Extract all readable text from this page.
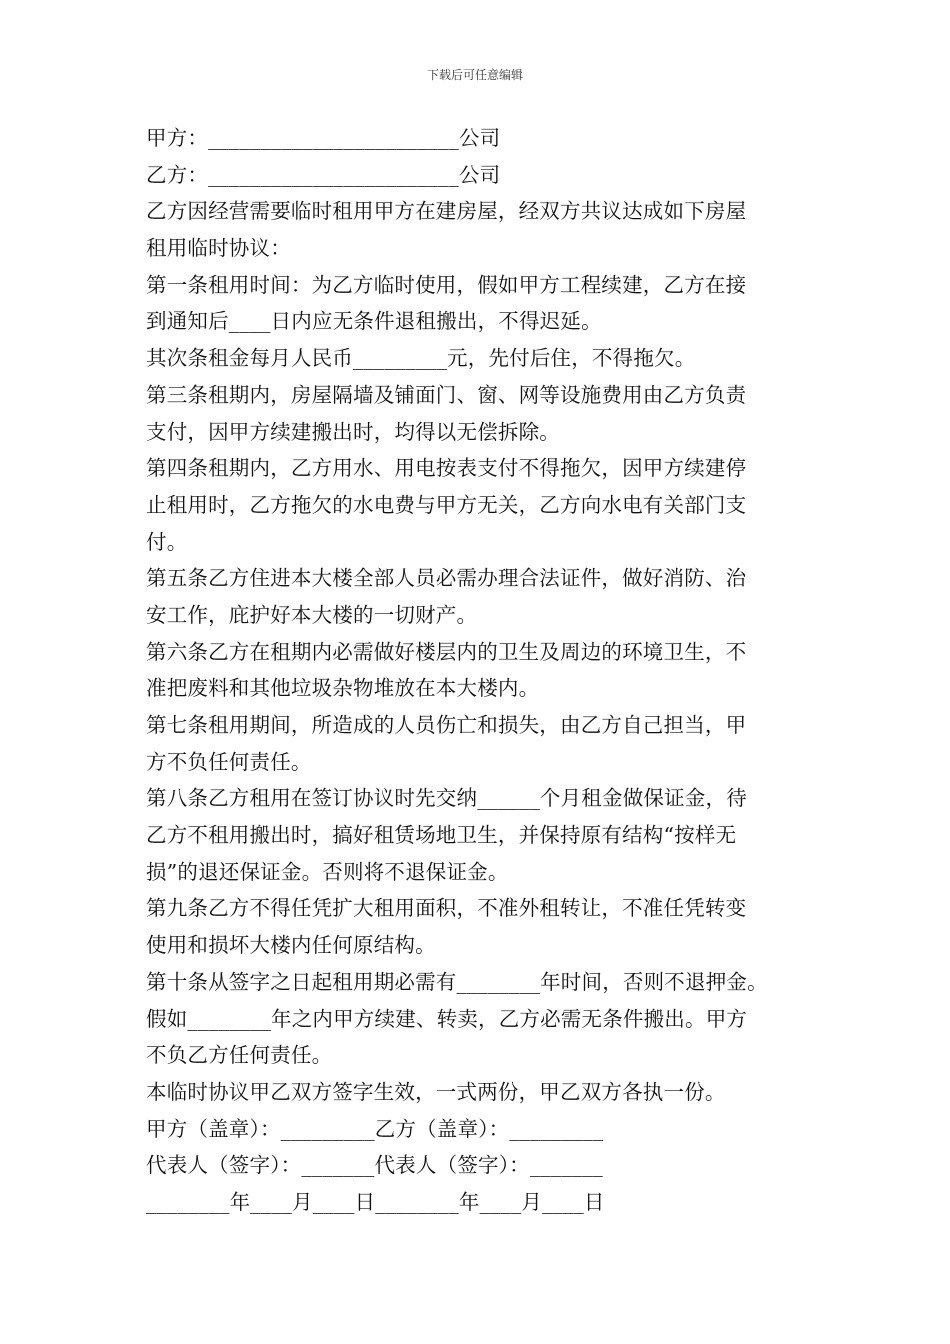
下载后可任意编辑
甲方：________________________公司
乙方：________________________公司
乙方因经营需要临时租用甲方在建房屋，经双方共议达成如下房屋
租用临时协议：
第一条租用时间：为乙方临时使用，假如甲方工程续建，乙方在接
到通知后____日内应无条件退租搬出，不得迟延。
其次条租金每月人民币_________元，先付后住，不得拖欠。
第三条租期内，房屋隔墙及铺面门、窗、网等设施费用由乙方负责
支付，因甲方续建搬出时，均得以无偿拆除。
第四条租期内，乙方用水、用电按表支付不得拖欠，因甲方续建停
止租用时，乙方拖欠的水电费与甲方无关，乙方向水电有关部门支
付。
第五条乙方住进本大楼全部人员必需办理合法证件，做好消防、治
安工作，庇护好本大楼的一切财产。
第六条乙方在租期内必需做好楼层内的卫生及周边的环境卫生，不
准把废料和其他垃圾杂物堆放在本大楼内。
第七条租用期间，所造成的人员伤亡和损失，由乙方自己担当，甲
方不负任何责任。
第八条乙方租用在签订协议时先交纳______个月租金做保证金，待
乙方不租用搬出时，搞好租赁场地卫生，并保持原有结构“按样无
损”的退还保证金。否则将不退保证金。
第九条乙方不得任凭扩大租用面积，不准外租转让，不准任凭转变
使用和损坏大楼内任何原结构。
第十条从签字之日起租用期必需有________年时间，否则不退押金。
假如________年之内甲方续建、转卖，乙方必需无条件搬出。甲方
不负乙方任何责任。
本临时协议甲乙双方签字生效，一式两份，甲乙双方各执一份。
甲方（盖章）：_________乙方（盖章）：_________
代表人（签字）：_______代表人（签字）：_______
________年____月____日________年____月____日
